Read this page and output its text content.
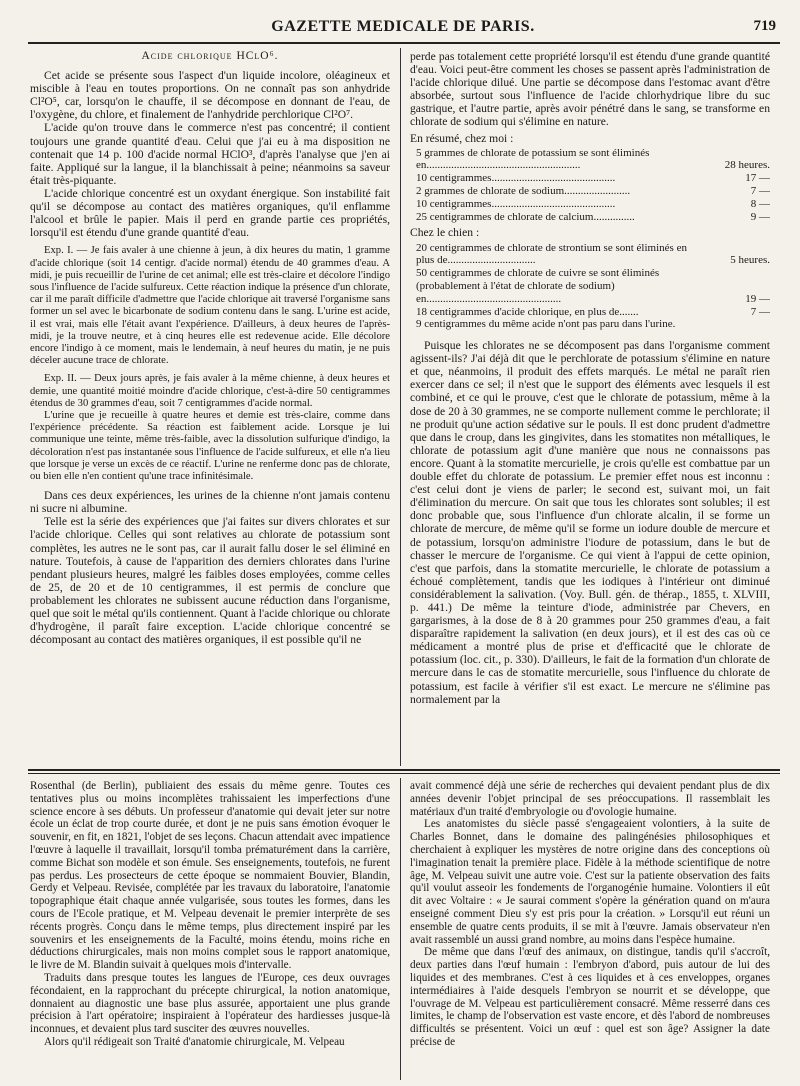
GAZETTE MEDICALE DE PARIS.	719

Acide chlorique HClO⁶.

Cet acide se présente sous l'aspect d'un liquide incolore, oléagineux et miscible à l'eau en toutes proportions. On ne connaît pas son anhydride Cl²O⁵, car, lorsqu'on le chauffe, il se décompose en donnant de l'eau, de l'oxygène, du chlore, et finalement de l'anhydride perchlorique Cl²O⁷.

L'acide qu'on trouve dans le commerce n'est pas concentré; il contient toujours une grande quantité d'eau. Celui que j'ai eu à ma disposition ne contenait que 14 p. 100 d'acide normal HClO³, d'après l'analyse que j'en ai faite. Appliqué sur la langue, il la blanchissait à peine; néanmoins sa saveur était très-piquante.

L'acide chlorique concentré est un oxydant énergique. Son instabilité fait qu'il se décompose au contact des matières organiques, qu'il enflamme l'alcool et brûle le papier. Mais il perd en grande partie ces propriétés, lorsqu'il est étendu d'une grande quantité d'eau.

Exp. I. — Je fais avaler à une chienne à jeun, à dix heures du matin, 1 gramme d'acide chlorique (soit 14 centigr. d'acide normal) étendu de 40 grammes d'eau. A midi, je puis recueillir de l'urine de cet animal; elle est très-claire et décolore l'indigo sous l'influence de l'acide sulfureux. Cette réaction indique la présence d'un chlorate, car il me paraît difficile d'admettre que l'acide chlorique ait traversé l'organisme sans former un sel avec le bicarbonate de sodium contenu dans le sang. L'urine est acide, il est vrai, mais elle l'était avant l'expérience. D'ailleurs, à deux heures de l'après-midi, je la trouve neutre, et à cinq heures elle est redevenue acide. Elle décolore encore l'indigo à ce moment, mais le lendemain, à neuf heures du matin, je ne puis déceler aucune trace de chlorate.

Exp. II. — Deux jours après, je fais avaler à la même chienne, à deux heures et demie, une quantité moitié moindre d'acide chlorique, c'est-à-dire 50 centigrammes étendus de 30 grammes d'eau, soit 7 centigrammes d'acide normal.

L'urine que je recueille à quatre heures et demie est très-claire, comme dans l'expérience précédente. Sa réaction est faiblement acide. Lorsque je lui communique une teinte, même très-faible, avec la dissolution sulfurique d'indigo, la décoloration n'est pas instantanée sous l'influence de l'acide sulfureux, et elle n'a lieu que lorsque je verse un excès de ce réactif. L'urine ne renferme donc pas de chlorate, ou bien elle n'en contient qu'une trace infinitésimale.

Dans ces deux expériences, les urines de la chienne n'ont jamais contenu ni sucre ni albumine.

Telle est la série des expériences que j'ai faites sur divers chlorates et sur l'acide chlorique. Celles qui sont relatives au chlorate de potassium sont complètes, les autres ne le sont pas, car il aurait fallu doser le sel éliminé en nature. Toutefois, à cause de l'apparition des derniers chlorates dans l'urine pendant plusieurs heures, malgré les faibles doses employées, comme celles de 25, de 20 et de 10 centigrammes, il est permis de conclure que probablement les chlorates ne subissent aucune réduction dans l'organisme, quel que soit le métal qu'ils contiennent. Quant à l'acide chlorique ou chlorate d'hydrogène, il paraît faire exception. L'acide chlorique concentré se décomposant au contact des matières organiques, il est possible qu'il ne

perde pas totalement cette propriété lorsqu'il est étendu d'une grande quantité d'eau. Voici peut-être comment les choses se passent après l'administration de l'acide chlorique dilué. Une partie se décompose dans l'estomac avant d'être absorbée, surtout sous l'influence de l'acide chlorhydrique libre du suc gastrique, et l'autre partie, après avoir pénétré dans le sang, se transforme en chlorate de sodium qui s'élimine en nature.

En résumé, chez moi :

5 grammes de chlorate de potassium se sont éliminés en........................................................	28 heures.
10 centigrammes.............................................	17 —
2 grammes de chlorate de sodium........................	7 —
10 centigrammes.............................................	8 —
25 centigrammes de chlorate de calcium...............	9 —

Chez le chien :

20 centigrammes de chlorate de strontium se sont éliminés en plus de................................	5 heures.
50 centigrammes de chlorate de cuivre se sont éliminés (probablement à l'état de chlorate de sodium) en.................................................	19 —
18 centigrammes d'acide chlorique, en plus de.......	7 —
9 centigrammes du même acide n'ont pas paru dans l'urine.

Puisque les chlorates ne se décomposent pas dans l'organisme comment agissent-ils? J'ai déjà dit que le perchlorate de potassium s'élimine en nature et que, néanmoins, il produit des effets marqués. Le métal ne paraît rien exercer dans ce sel; il n'est que le support des éléments avec lesquels il est combiné, et ce qui le prouve, c'est que le chlorate de potassium, même à la dose de 20 à 30 grammes, ne se comporte nullement comme le perchlorate; il ne produit qu'une action sédative sur le pouls. Il est donc prudent d'admettre que dans le croup, dans les gingivites, dans les stomatites non métalliques, le chlorate de potassium agit d'une manière que nous ne connaissons pas encore. Quant à la stomatite mercurielle, je crois qu'elle est combattue par un double effet du chlorate de potassium. Le premier effet nous est inconnu : c'est celui dont je viens de parler; le second est, suivant moi, un fait d'élimination du mercure. On sait que tous les chlorates sont solubles; il est donc probable que, sous l'influence d'un chlorate alcalin, il se forme un chlorate de mercure, de même qu'il se forme un iodure double de mercure et de potassium, lorsqu'on administre l'iodure de potassium, dans le but de chasser le mercure de l'organisme. Ce qui vient à l'appui de cette opinion, c'est que parfois, dans la stomatite mercurielle, le chlorate de potassium a échoué complètement, tandis que les iodiques à l'intérieur ont diminué considérablement la salivation. (Voy. Bull. gén. de thérap., 1855, t. XLVIII, p. 441.) De même la teinture d'iode, administrée par Chevers, en gargarismes, à la dose de 8 à 20 grammes pour 250 grammes d'eau, a fait disparaître rapidement la salivation (en deux jours), et il est des cas où ce médicament a montré plus de prise et d'efficacité que le chlorate de potassium (loc. cit., p. 330). D'ailleurs, le fait de la formation d'un chlorate de mercure dans le cas de stomatite mercurielle, sous l'influence du chlorate de potassium, est facile à vérifier s'il est exact. Le mercure ne s'élimine pas normalement par la

Rosenthal (de Berlin), publiaient des essais du même genre. Toutes ces tentatives plus ou moins incomplètes trahissaient les imperfections d'une science encore à ses débuts. Un professeur d'anatomie qui devait jeter sur notre école un éclat de trop courte durée, et dont je ne puis sans émotion évoquer le souvenir, en fit, en 1821, l'objet de ses leçons. Chacun attendait avec impatience l'œuvre à laquelle il travaillait, lorsqu'il tomba prématurément dans la carrière, comme Bichat son modèle et son émule. Ses enseignements, toutefois, ne furent pas perdus. Les prosecteurs de cette époque se nommaient Bouvier, Blandin, Gerdy et Velpeau. Revisée, complétée par les travaux du laboratoire, l'anatomie topographique était chaque année vulgarisée, sous toutes les formes, dans les cours de l'Ecole pratique, et M. Velpeau devenait le premier interprète de ses récents progrès. Conçu dans le même temps, plus directement inspiré par les souvenirs et les enseignements de la Faculté, moins étendu, moins riche en déductions chirurgicales, mais non moins complet sous le rapport anatomique, le livre de M. Blandin suivait à quelques mois d'intervalle.

Traduits dans presque toutes les langues de l'Europe, ces deux ouvrages fécondaient, en la rapprochant du précepte chirurgical, la notion anatomique, donnaient au diagnostic une base plus assurée, apportaient une plus grande précision à l'art opératoire; inspiraient à l'opérateur des hardiesses jusque-là inconnues, et devaient plus tard susciter des œuvres nouvelles.

Alors qu'il rédigeait son Traité d'anatomie chirurgicale, M. Velpeau

avait commencé déjà une série de recherches qui devaient pendant plus de dix années devenir l'objet principal de ses préoccupations. Il rassemblait les matériaux d'un traité d'embryologie ou d'ovologie humaine.

Les anatomistes du siècle passé s'engageaient volontiers, à la suite de Charles Bonnet, dans le domaine des palingénésies philosophiques et cherchaient à expliquer les mystères de notre origine dans des conceptions où l'imagination tenait la première place. Fidèle à la méthode scientifique de notre âge, M. Velpeau suivit une autre voie. C'est sur la patiente observation des faits qu'il voulut asseoir les fondements de l'organogénie humaine. Volontiers il eût dit avec Voltaire : « Je saurai comment s'opère la génération quand on m'aura enseigné comment Dieu s'y est pris pour la création. » Lorsqu'il eut réuni un ensemble de quatre cents produits, il se mit à l'œuvre. Jamais observateur n'en avait rassemblé un aussi grand nombre, au moins dans l'espèce humaine.

De même que dans l'œuf des animaux, on distingue, tandis qu'il s'accroît, deux parties dans l'œuf humain : l'embryon d'abord, puis autour de lui des liquides et des membranes. C'est à ces liquides et à ces enveloppes, organes intermédiaires à l'aide desquels l'embryon se nourrit et se développe, que l'ouvrage de M. Velpeau est particulièrement consacré. Même resserré dans ces limites, le champ de l'observation est vaste encore, et dès l'abord de nombreuses difficultés se présentent. Voici un œuf : quel est son âge? Assigner la date précise de
